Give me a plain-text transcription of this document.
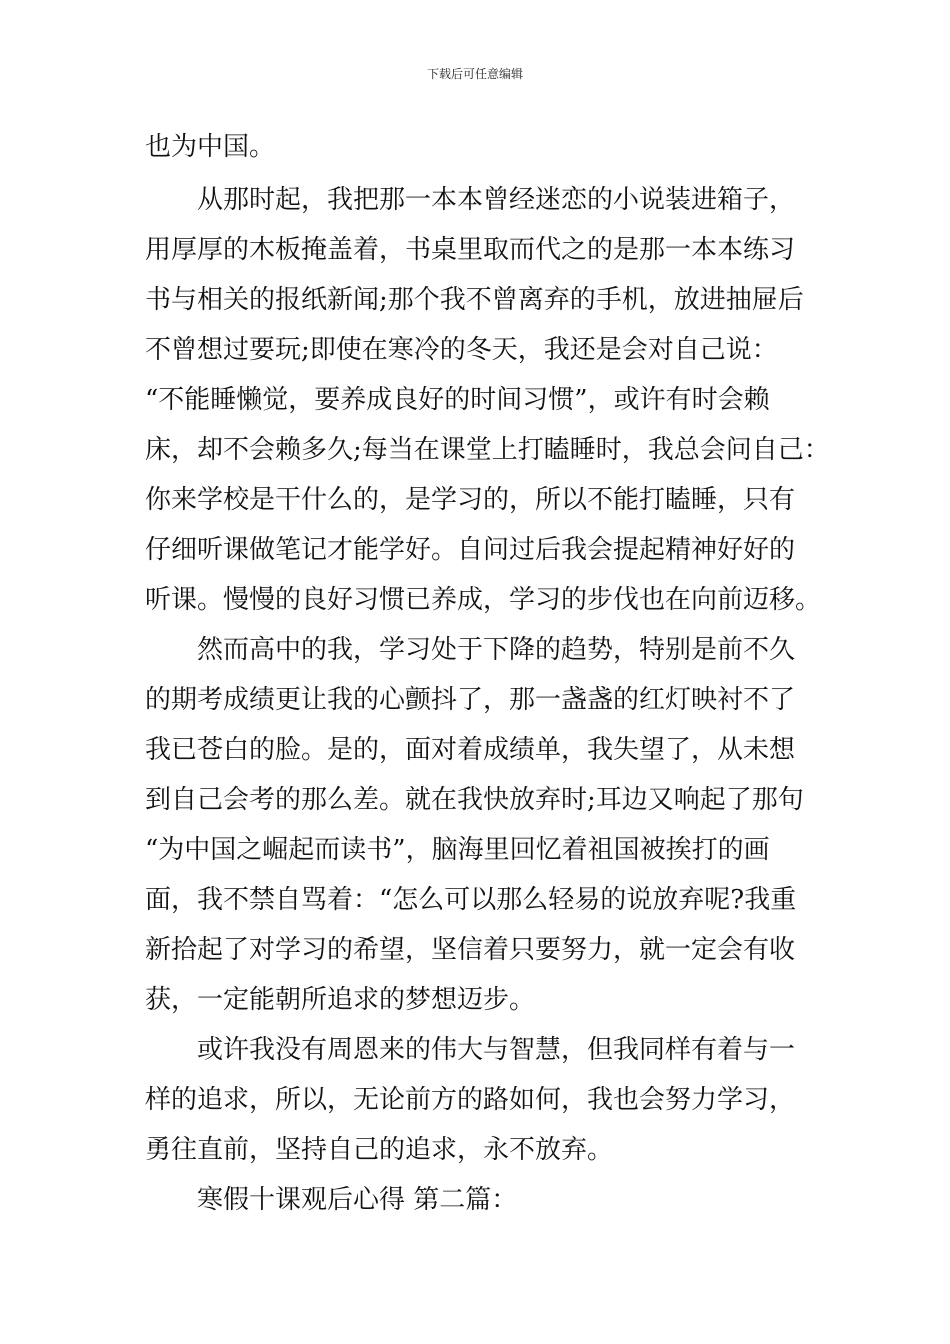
下载后可任意编辑
也为中国。
从那时起，我把那一本本曾经迷恋的小说装进箱子，
用厚厚的木板掩盖着，书桌里取而代之的是那一本本练习
书与相关的报纸新闻;那个我不曾离弃的手机，放进抽屉后
不曾想过要玩;即使在寒冷的冬天，我还是会对自己说：
“不能睡懒觉，要养成良好的时间习惯”，或许有时会赖
床，却不会赖多久;每当在课堂上打瞌睡时，我总会问自己：
你来学校是干什么的，是学习的，所以不能打瞌睡，只有
仔细听课做笔记才能学好。自问过后我会提起精神好好的
听课。慢慢的良好习惯已养成，学习的步伐也在向前迈移。
然而高中的我，学习处于下降的趋势，特别是前不久
的期考成绩更让我的心颤抖了，那一盏盏的红灯映衬不了
我已苍白的脸。是的，面对着成绩单，我失望了，从未想
到自己会考的那么差。就在我快放弃时;耳边又响起了那句
“为中国之崛起而读书”，脑海里回忆着祖国被挨打的画
面，我不禁自骂着：“怎么可以那么轻易的说放弃呢?我重
新拾起了对学习的希望，坚信着只要努力，就一定会有收
获，一定能朝所追求的梦想迈步。
或许我没有周恩来的伟大与智慧，但我同样有着与一
样的追求，所以，无论前方的路如何，我也会努力学习，
勇往直前，坚持自己的追求，永不放弃。
寒假十课观后心得 第二篇：
